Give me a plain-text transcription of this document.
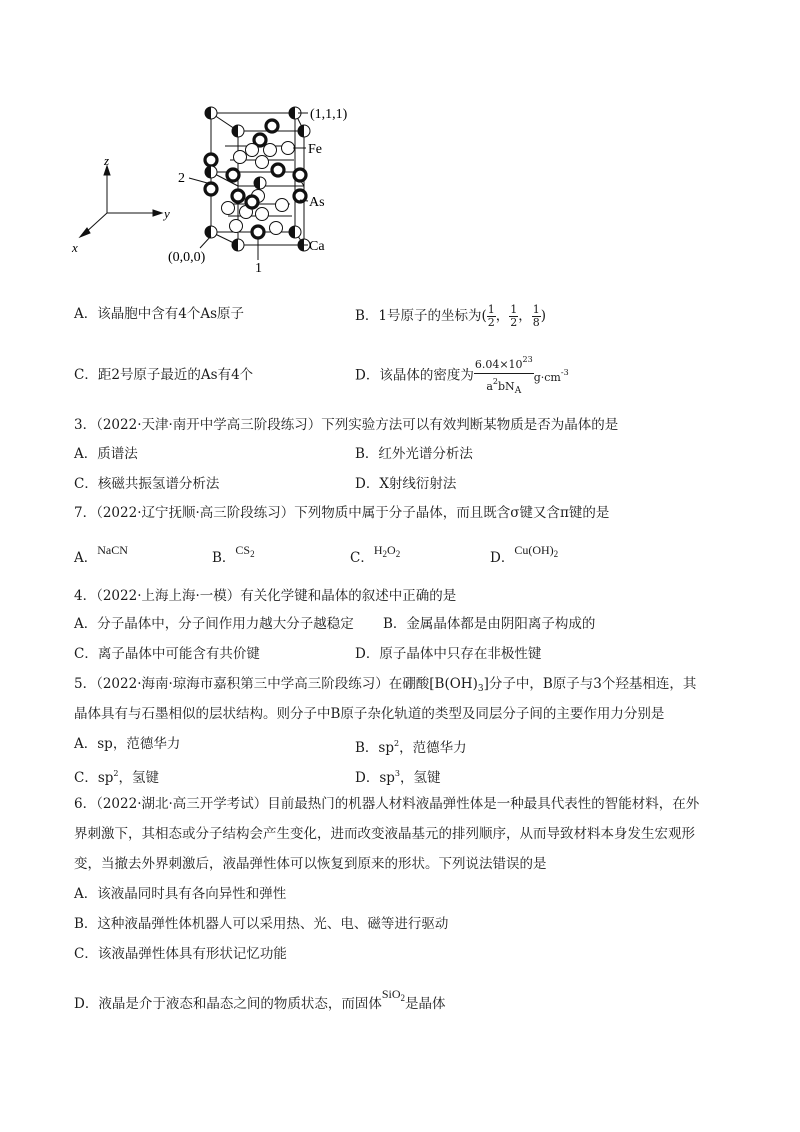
(1,1,1)
Fe
As
Ca
2
(0,0,0)
1
z
y
x
A．该晶胞中含有4个As原子	B．1号原子的坐标为( $\frac{1}{2}$ ， $\frac{1}{2}$ ， $\frac{1}{8}$ )
C．距2号原子最近的As有4个	D．该晶体的密度为 $\frac{6.04\times 10^{23}}{a^2bN_A} g\cdot cm^{-3}$
3．（2022·天津·南开中学高三阶段练习）下列实验方法可以有效判断某物质是否为晶体的是
A．质谱法	B．红外光谱分析法
C．核磁共振氢谱分析法	D．X射线衍射法
7．（2022·辽宁抚顺·高三阶段练习）下列物质中属于分子晶体，而且既含σ键又含π键的是
A．NaCN	B．$CS_2$	C．$H_2O_2$	D．$Cu(OH)_2$
4．（2022·上海上海·一模）有关化学键和晶体的叙述中正确的是
A．分子晶体中，分子间作用力越大分子越稳定 B．金属晶体都是由阴阳离子构成的
C．离子晶体中可能含有共价键	D．原子晶体中只存在非极性键
5．（2022·海南·琼海市嘉积第三中学高三阶段练习）在硼酸$[B(OH)_3]$分子中，B原子与3个羟基相连，其
晶体具有与石墨相似的层状结构。则分子中B原子杂化轨道的类型及同层分子间的主要作用力分别是
A．sp，范德华力	B．$sp^2$，范德华力
C．$sp^2$，氢键	D．$sp^3$，氢键
6．（2022·湖北·高三开学考试）目前最热门的机器人材料液晶弹性体是一种最具代表性的智能材料，在外
界刺激下，其相态或分子结构会产生变化，进而改变液晶基元的排列顺序，从而导致材料本身发生宏观形
变，当撤去外界刺激后，液晶弹性体可以恢复到原来的形状。下列说法错误的是
A．该液晶同时具有各向异性和弹性
B．这种液晶弹性体机器人可以采用热、光、电、磁等进行驱动
C．该液晶弹性体具有形状记忆功能
D．液晶是介于液态和晶态之间的物质状态，而固体SiO$_2$是晶体
